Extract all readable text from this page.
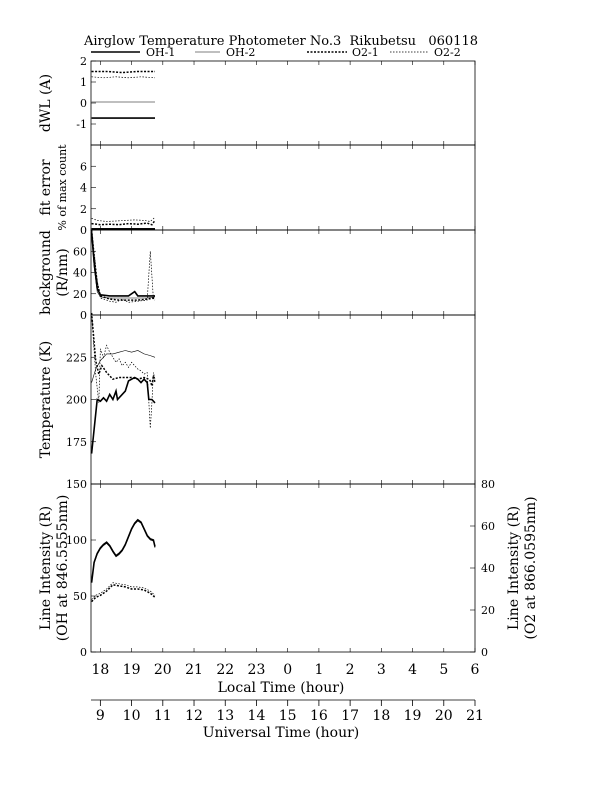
Airglow Temperature Photometer No.3  Rikubetsu   060118
OH-1	OH-2	O2-1	O2-2
-1
0
1
2
dWL (A)
0
2
4
6
fit error % of max count
0
20
40
60
background (R/nm)
175
200
225
Temperature (K)
0
50
100
150
Line Intensity (R) (OH at 846.5555nm)
0
20
40
60
80
Line Intensity (R) (O2 at 866.0595nm)
18 19 20 21 22 23 0 1 2 3 4 5 6
Local Time (hour)
9 10 11 12 13 14 15 16 17 18 19 20 21
Universal Time (hour)
